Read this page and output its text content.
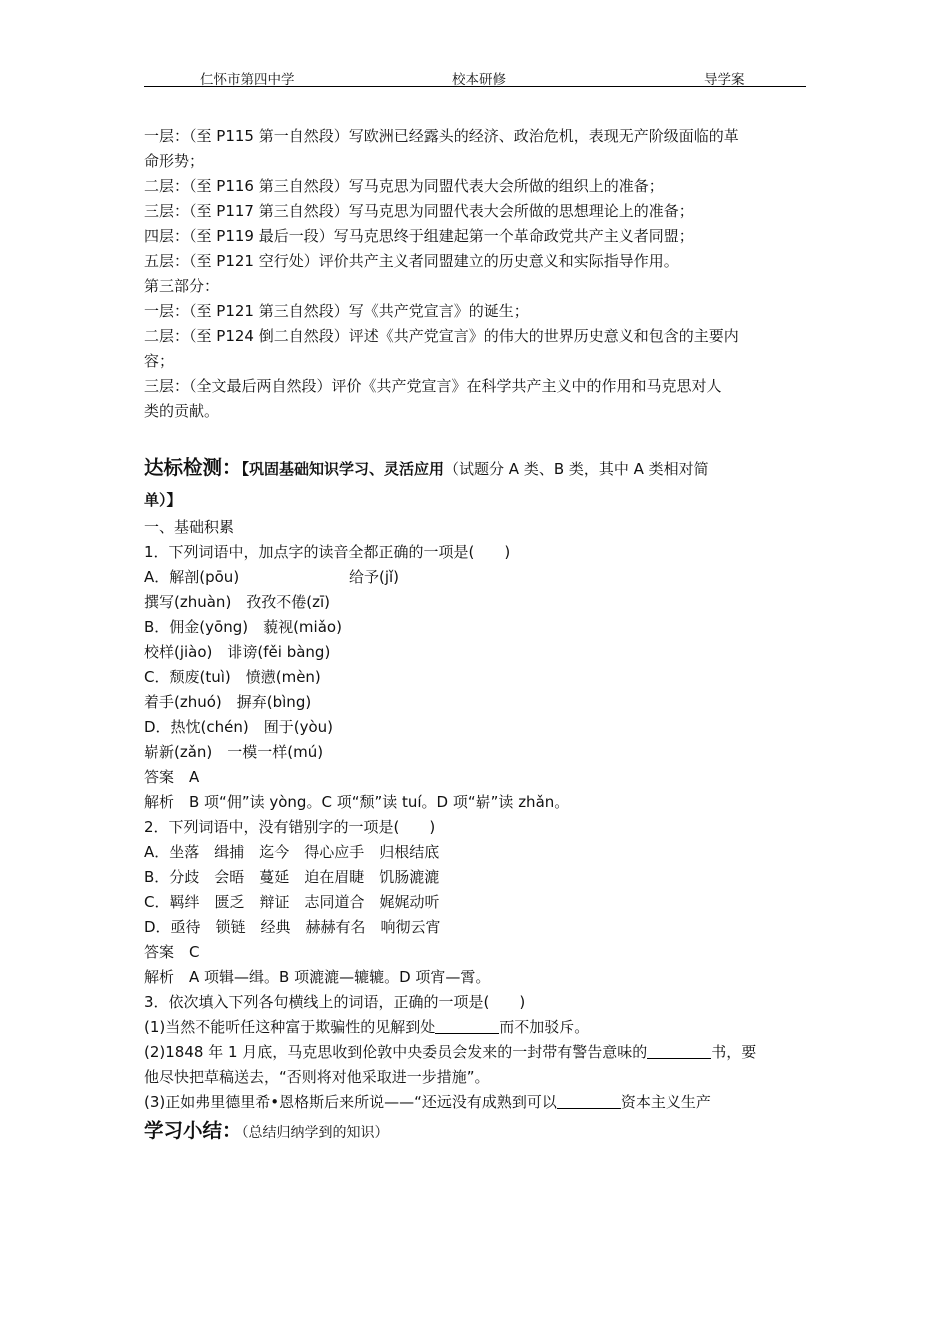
仁怀市第四中学	校本研修	导学案

一层：（至 P115 第一自然段）写欧洲已经露头的经济、政治危机，表现无产阶级面临的革

命形势；

二层：（至 P116 第三自然段）写马克思为同盟代表大会所做的组织上的准备；

三层：（至 P117 第三自然段）写马克思为同盟代表大会所做的思想理论上的准备；

四层：（至 P119 最后一段）写马克思终于组建起第一个革命政党共产主义者同盟；

五层：（至 P121 空行处）评价共产主义者同盟建立的历史意义和实际指导作用。

第三部分：

一层：（至 P121 第三自然段）写《共产党宣言》的诞生；

二层：（至 P124 倒二自然段）评述《共产党宣言》的伟大的世界历史意义和包含的主要内

容；

三层：（全文最后两自然段）评价《共产党宣言》在科学共产主义中的作用和马克思对人

类的贡献。

达标检测：【巩固基础知识学习、灵活应用（试题分 A 类、B 类，其中 A 类相对简

单）】

一、基础积累

1．下列词语中，加点字的读音全都正确的一项是(　　)

A．解剖(pōu)	给予(jǐ)

撰写(zhuàn)　孜孜不倦(zī)

B．佣金(yōng)　藐视(miǎo)

校样(jiào)　诽谤(fěi bàng)

C．颓废(tuì)　愤懑(mèn)

着手(zhuó)　摒弃(bìng)

D．热忱(chén)　囿于(yòu)

崭新(zǎn)　一模一样(mú)

答案　A

解析　B 项“佣”读 yòng。C 项“颓”读 tuí。D 项“崭”读 zhǎn。

2．下列词语中，没有错别字的一项是(　　)

A．坐落　缉捕　迄今　得心应手　归根结底

B．分歧　会晤　蔓延　迫在眉睫　饥肠漉漉

C．羁绊　匮乏　辩证　志同道合　娓娓动听

D．亟待　锁链　经典　赫赫有名　响彻云宵

答案　C

解析　A 项辑—缉。B 项漉漉—辘辘。D 项宵—霄。

3．依次填入下列各句横线上的词语，正确的一项是(　　)

(1)当然不能听任这种富于欺骗性的见解到处	而不加驳斥。

(2)1848 年 1 月底，马克思收到伦敦中央委员会发来的一封带有警告意味的	书，要

他尽快把草稿送去，“否则将对他采取进一步措施”。

(3)正如弗里德里希•恩格斯后来所说——“还远没有成熟到可以	资本主义生产

学习小结：（总结归纳学到的知识）
